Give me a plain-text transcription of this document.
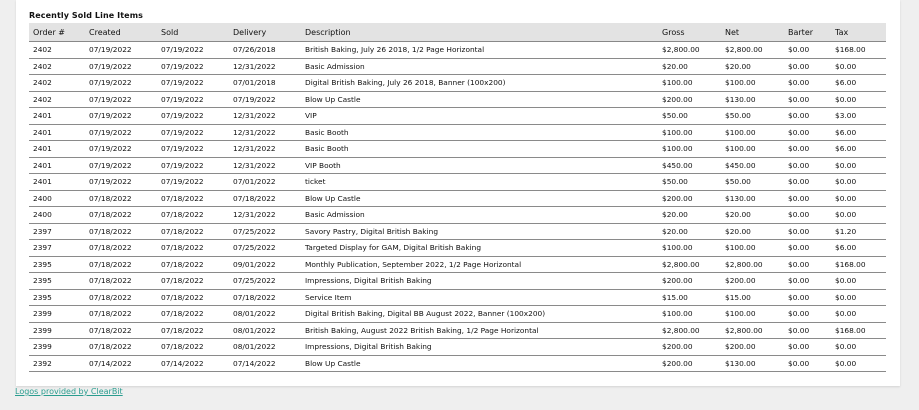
Recently Sold Line Items
Order #	Created	Sold	Delivery	Description	Gross	Net	Barter	Tax
2402	07/19/2022	07/19/2022	07/26/2018	British Baking, July 26 2018, 1/2 Page Horizontal	$2,800.00	$2,800.00	$0.00	$168.00
2402	07/19/2022	07/19/2022	12/31/2022	Basic Admission	$20.00	$20.00	$0.00	$0.00
2402	07/19/2022	07/19/2022	07/01/2018	Digital British Baking, July 26 2018, Banner (100x200)	$100.00	$100.00	$0.00	$6.00
2402	07/19/2022	07/19/2022	07/19/2022	Blow Up Castle	$200.00	$130.00	$0.00	$0.00
2401	07/19/2022	07/19/2022	12/31/2022	VIP	$50.00	$50.00	$0.00	$3.00
2401	07/19/2022	07/19/2022	12/31/2022	Basic Booth	$100.00	$100.00	$0.00	$6.00
2401	07/19/2022	07/19/2022	12/31/2022	Basic Booth	$100.00	$100.00	$0.00	$6.00
2401	07/19/2022	07/19/2022	12/31/2022	VIP Booth	$450.00	$450.00	$0.00	$0.00
2401	07/19/2022	07/19/2022	07/01/2022	ticket	$50.00	$50.00	$0.00	$0.00
2400	07/18/2022	07/18/2022	07/18/2022	Blow Up Castle	$200.00	$130.00	$0.00	$0.00
2400	07/18/2022	07/18/2022	12/31/2022	Basic Admission	$20.00	$20.00	$0.00	$0.00
2397	07/18/2022	07/18/2022	07/25/2022	Savory Pastry, Digital British Baking	$20.00	$20.00	$0.00	$1.20
2397	07/18/2022	07/18/2022	07/25/2022	Targeted Display for GAM, Digital British Baking	$100.00	$100.00	$0.00	$6.00
2395	07/18/2022	07/18/2022	09/01/2022	Monthly Publication, September 2022, 1/2 Page Horizontal	$2,800.00	$2,800.00	$0.00	$168.00
2395	07/18/2022	07/18/2022	07/25/2022	Impressions, Digital British Baking	$200.00	$200.00	$0.00	$0.00
2395	07/18/2022	07/18/2022	07/18/2022	Service Item	$15.00	$15.00	$0.00	$0.00
2399	07/18/2022	07/18/2022	08/01/2022	Digital British Baking, Digital BB August 2022, Banner (100x200)	$100.00	$100.00	$0.00	$0.00
2399	07/18/2022	07/18/2022	08/01/2022	British Baking, August 2022 British Baking, 1/2 Page Horizontal	$2,800.00	$2,800.00	$0.00	$168.00
2399	07/18/2022	07/18/2022	08/01/2022	Impressions, Digital British Baking	$200.00	$200.00	$0.00	$0.00
2392	07/14/2022	07/14/2022	07/14/2022	Blow Up Castle	$200.00	$130.00	$0.00	$0.00
Logos provided by ClearBit
